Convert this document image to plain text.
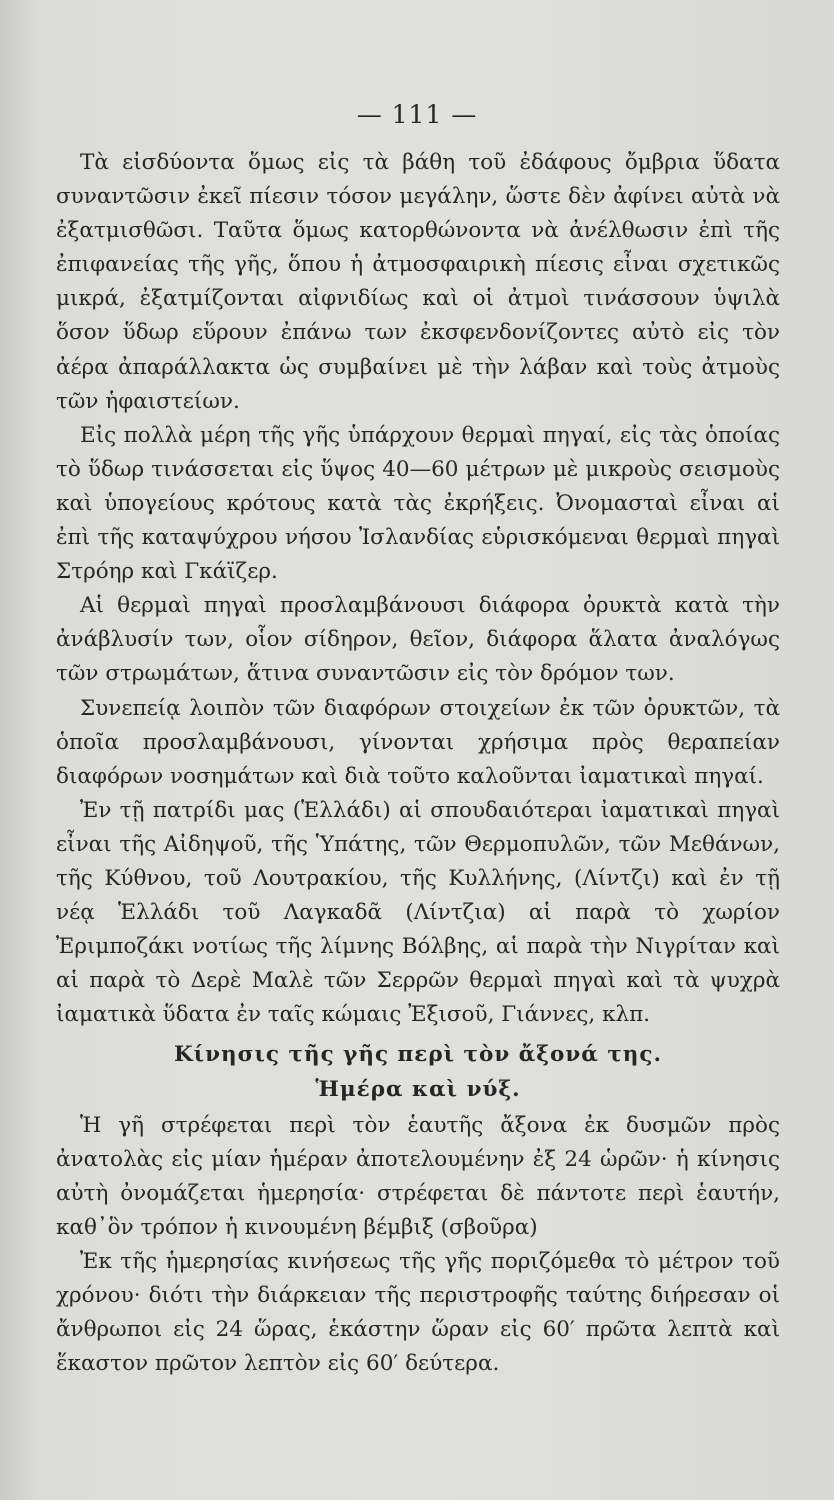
— 111 —

Τὰ εἰσδύοντα ὅμως εἰς τὰ βάθη τοῦ ἐδάφους ὄμβρια ὕδατα συναντῶσιν ἐκεῖ πίεσιν τόσον μεγάλην, ὥστε δὲν ἀφίνει αὐτὰ νὰ ἐξατμισθῶσι. Ταῦτα ὅμως κατορθώνοντα νὰ ἀνέλθωσιν ἐπὶ τῆς ἐπιφανείας τῆς γῆς, ὅπου ἡ ἀτμοσφαιρικὴ πίεσις εἶναι σχετικῶς μικρά, ἐξατμίζονται αἰφνιδίως καὶ οἱ ἀτμοὶ τινάσσουν ὑψιλὰ ὅσον ὕδωρ εὕρουν ἐπάνω των ἐκσφενδονίζοντες αὐτὸ εἰς τὸν ἀέρα ἀπαράλλακτα ὡς συμβαίνει μὲ τὴν λάβαν καὶ τοὺς ἀτμοὺς τῶν ἡφαιστείων.

Εἰς πολλὰ μέρη τῆς γῆς ὑπάρχουν θερμαὶ πηγαί, εἰς τὰς ὁποίας τὸ ὕδωρ τινάσσεται εἰς ὕψος 40—60 μέτρων μὲ μικροὺς σεισμοὺς καὶ ὑπογείους κρότους κατὰ τὰς ἐκρήξεις. Ὀνομασταὶ εἶναι αἱ ἐπὶ τῆς καταψύχρου νήσου Ἰσλανδίας εὑρισκόμεναι θερμαὶ πηγαὶ Στρόηρ καὶ Γκάϊζερ.

Αἱ θερμαὶ πηγαὶ προσλαμβάνουσι διάφορα ὀρυκτὰ κατὰ τὴν ἀνάβλυσίν των, οἷον σίδηρον, θεῖον, διάφορα ἅλατα ἀναλόγως τῶν στρωμάτων, ἅτινα συναντῶσιν εἰς τὸν δρόμον των.

Συνεπείᾳ λοιπὸν τῶν διαφόρων στοιχείων ἐκ τῶν ὀρυκτῶν, τὰ ὁποῖα προσλαμβάνουσι, γίνονται χρήσιμα πρὸς θεραπείαν διαφόρων νοσημάτων καὶ διὰ τοῦτο καλοῦνται ἰαματικαὶ πηγαί.

Ἐν τῇ πατρίδι μας (Ἑλλάδι) αἱ σπουδαιότεραι ἰαματικαὶ πηγαὶ εἶναι τῆς Αἰδηψοῦ, τῆς Ὑπάτης, τῶν Θερμοπυλῶν, τῶν Μεθάνων, τῆς Κύθνου, τοῦ Λουτρακίου, τῆς Κυλλήνης, (Λίντζι) καὶ ἐν τῇ νέᾳ Ἑλλάδι τοῦ Λαγκαδᾶ (Λίντζια) αἱ παρὰ τὸ χωρίον Ἐριμποζάκι νοτίως τῆς λίμνης Βόλβης, αἱ παρὰ τὴν Νιγρίταν καὶ αἱ παρὰ τὸ Δερὲ Μαλὲ τῶν Σερρῶν θερμαὶ πηγαὶ καὶ τὰ ψυχρὰ ἰαματικὰ ὕδατα ἐν ταῖς κώμαις Ἐξισοῦ, Γιάννες, κλπ.

Κίνησις τῆς γῆς περὶ τὸν ἄξονά της.

Ἡμέρα καὶ νύξ.

Ἡ γῆ στρέφεται περὶ τὸν ἑαυτῆς ἄξονα ἐκ δυσμῶν πρὸς ἀνατολὰς εἰς μίαν ἡμέραν ἀποτελουμένην ἐξ 24 ὡρῶν· ἡ κίνησις αὐτὴ ὀνομάζεται ἡμερησία· στρέφεται δὲ πάντοτε περὶ ἑαυτήν, καθ᾽ὃν τρόπον ἡ κινουμένη βέμβιξ (σβοῦρα)

Ἐκ τῆς ἡμερησίας κινήσεως τῆς γῆς πoριζόμεθα τὸ μέτρον τοῦ χρόνου· διότι τὴν διάρκειαν τῆς περιστροφῆς ταύτης διήρεσαν οἱ ἄνθρωποι εἰς 24 ὥρας, ἑκάστην ὥραν εἰς 60′ πρῶτα λεπτὰ καὶ ἕκαστον πρῶτον λεπτὸν εἰς 60′ δεύτερα.
